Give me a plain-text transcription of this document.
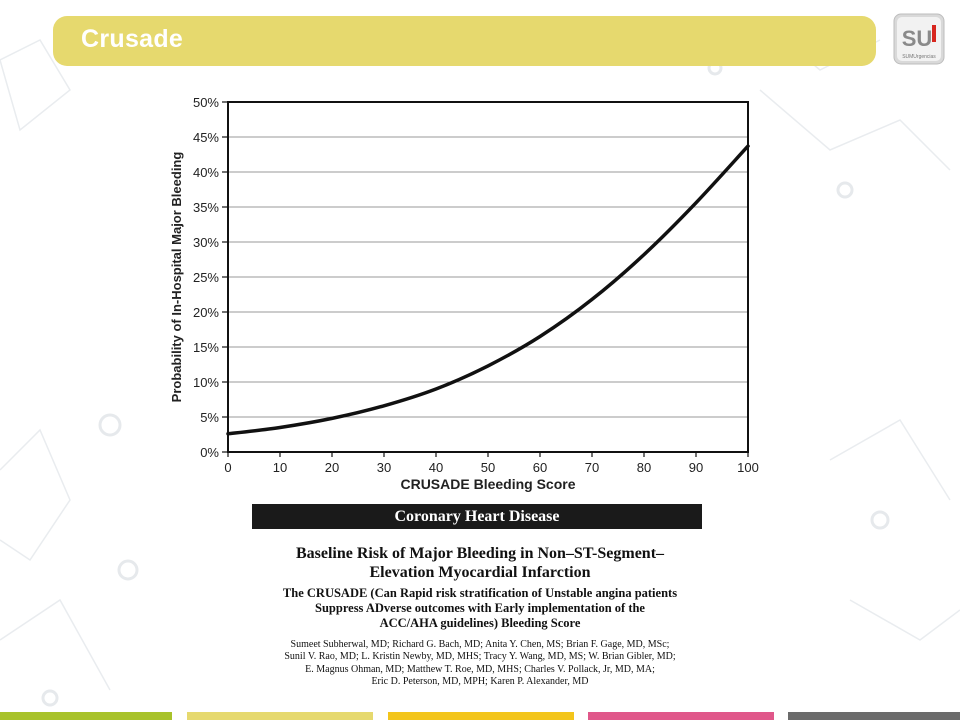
Crusade	SU
SUMUrgencias
0%
5%
10%
15%
20%
25%
30%
35%
40%
45%
50%
0	10	20	30	40	50	60	70	80	90	100
CRUSADE Bleeding Score
Probability of In-Hospital Major Bleeding
Coronary Heart Disease
Baseline Risk of Major Bleeding in Non–ST-Segment–
Elevation Myocardial Infarction
The CRUSADE (Can Rapid risk stratification of Unstable angina patients
Suppress ADverse outcomes with Early implementation of the
ACC/AHA guidelines) Bleeding Score
Sumeet Subherwal, MD; Richard G. Bach, MD; Anita Y. Chen, MS; Brian F. Gage, MD, MSc;
Sunil V. Rao, MD; L. Kristin Newby, MD, MHS; Tracy Y. Wang, MD, MS; W. Brian Gibler, MD;
E. Magnus Ohman, MD; Matthew T. Roe, MD, MHS; Charles V. Pollack, Jr, MD, MA;
Eric D. Peterson, MD, MPH; Karen P. Alexander, MD
